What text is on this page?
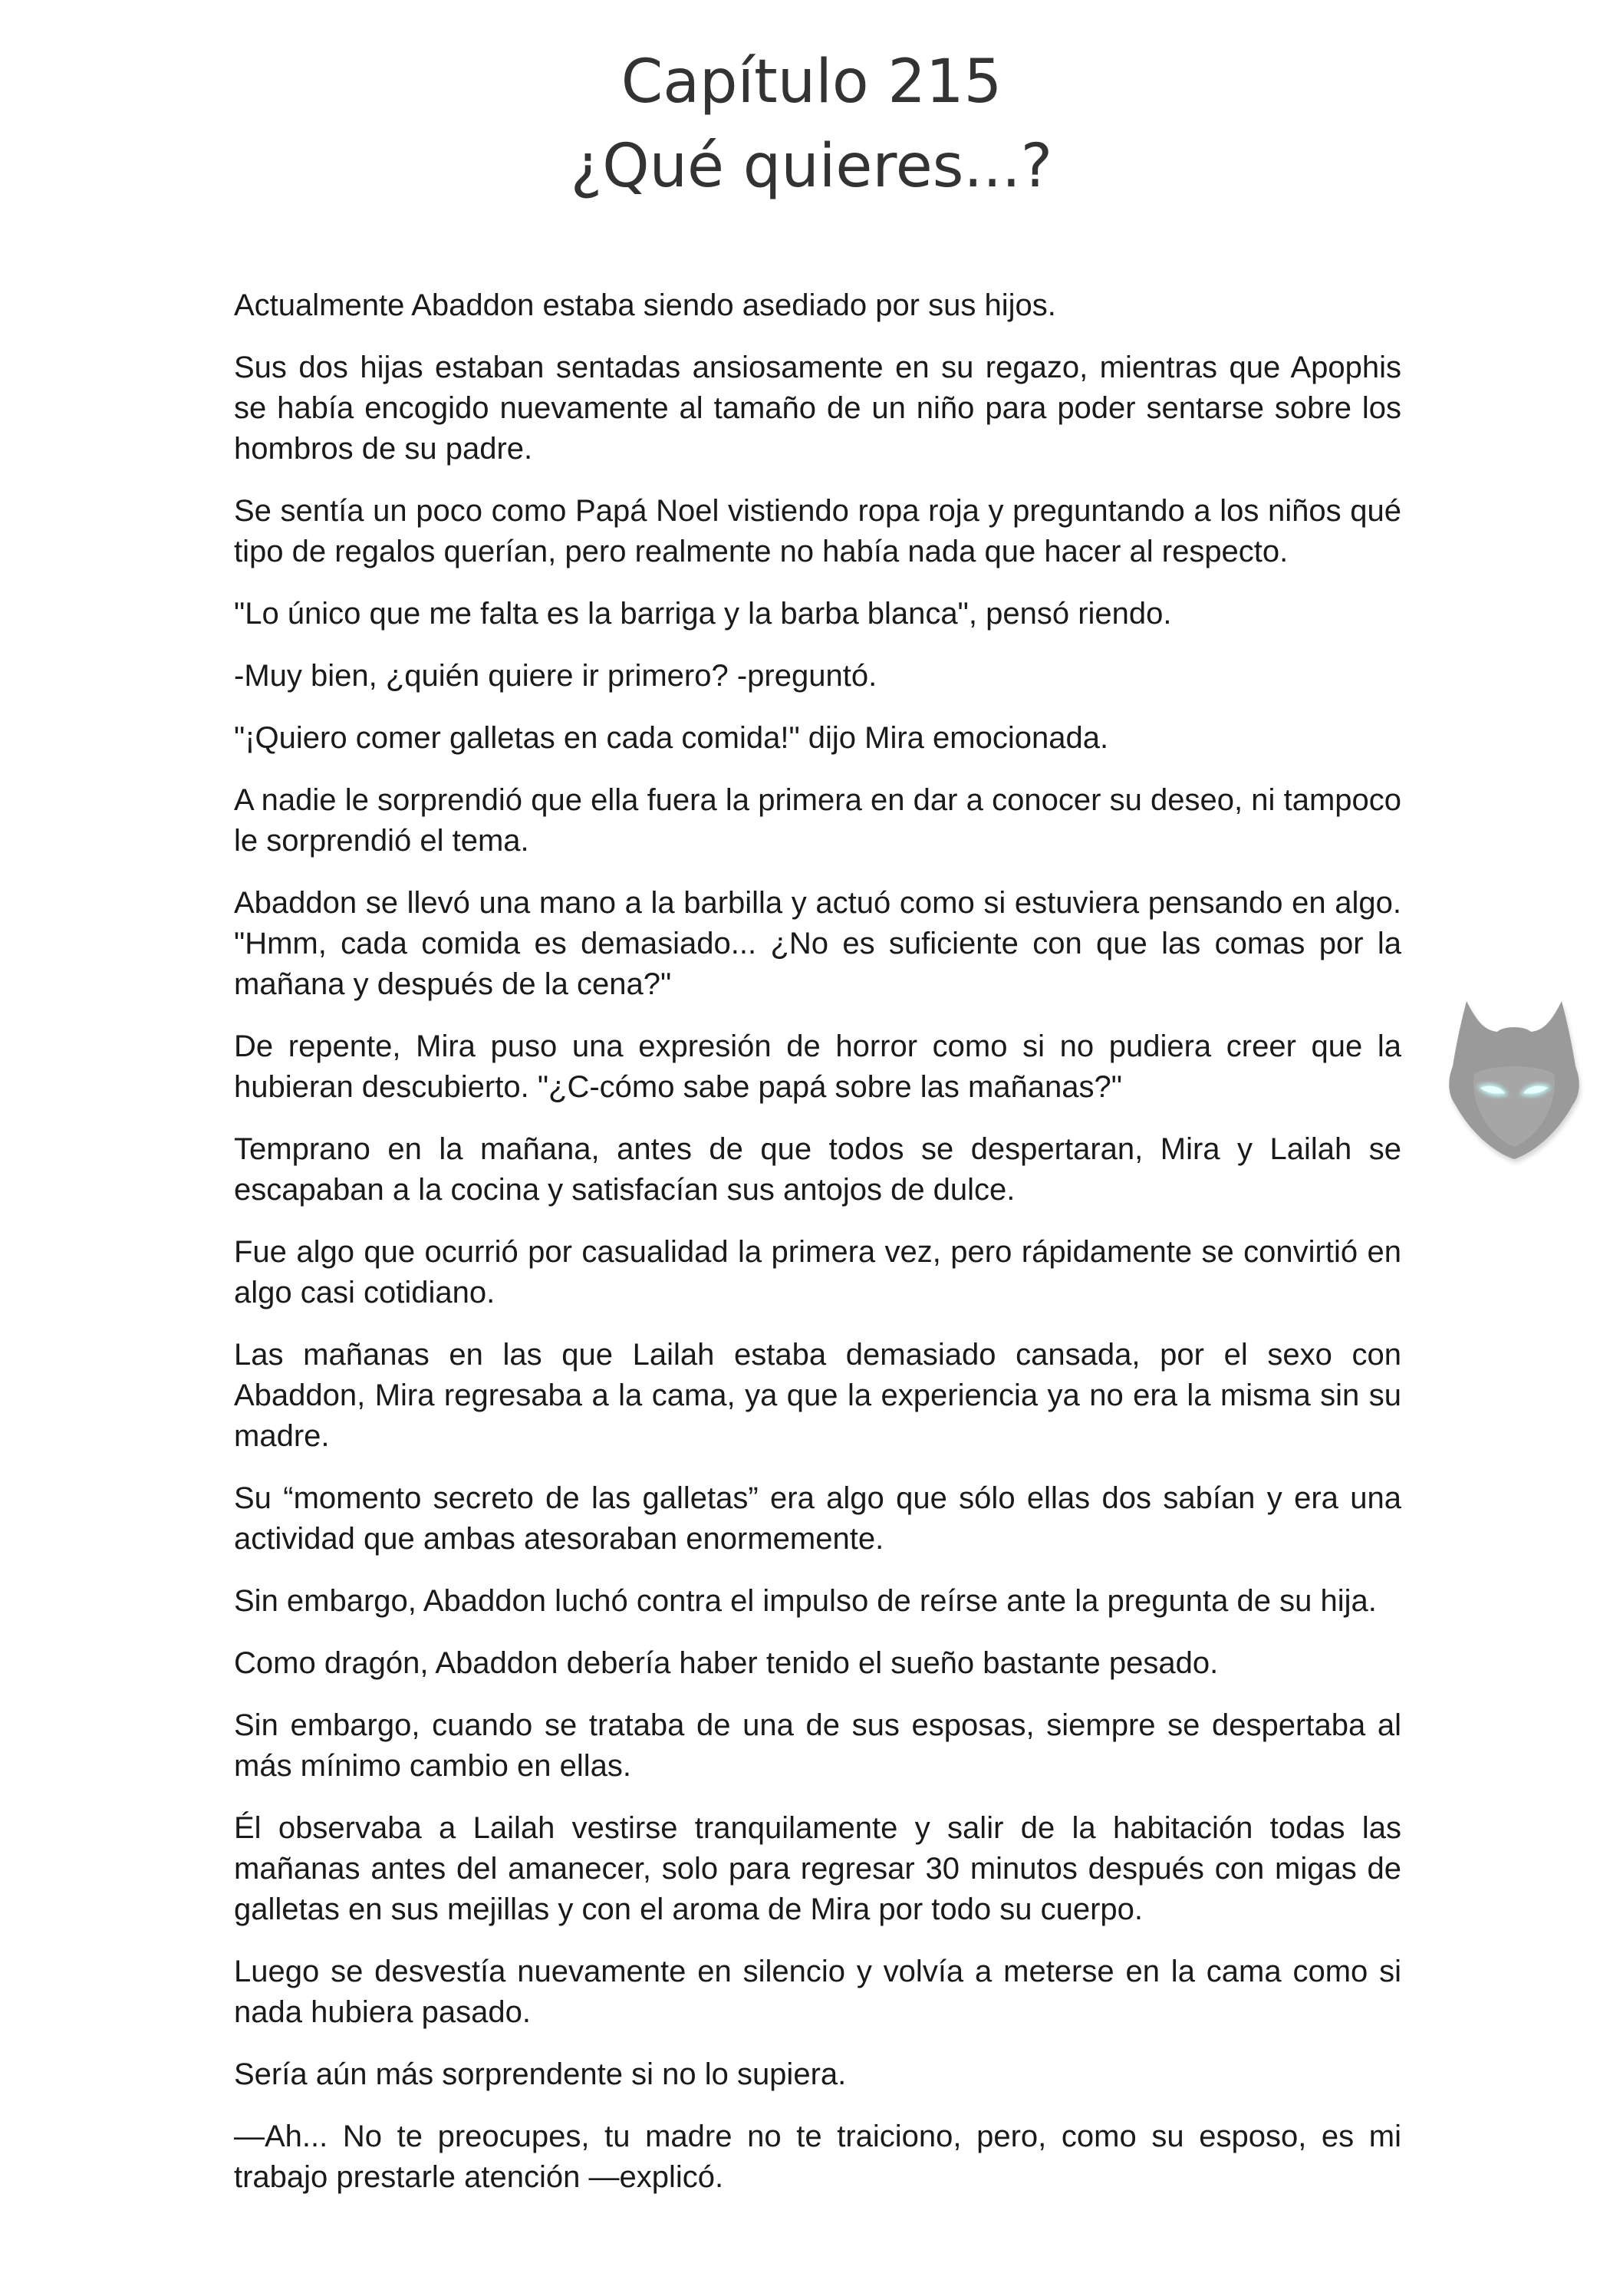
Capítulo 215
¿Qué quieres...?

Actualmente Abaddon estaba siendo asediado por sus hijos.

Sus dos hijas estaban sentadas ansiosamente en su regazo, mientras que Apophis se había encogido nuevamente al tamaño de un niño para poder sentarse sobre los hombros de su padre.

Se sentía un poco como Papá Noel vistiendo ropa roja y preguntando a los niños qué tipo de regalos querían, pero realmente no había nada que hacer al respecto.

"Lo único que me falta es la barriga y la barba blanca", pensó riendo.

-Muy bien, ¿quién quiere ir primero? -preguntó.

"¡Quiero comer galletas en cada comida!" dijo Mira emocionada.

A nadie le sorprendió que ella fuera la primera en dar a conocer su deseo, ni tampoco le sorprendió el tema.

Abaddon se llevó una mano a la barbilla y actuó como si estuviera pensando en algo. "Hmm, cada comida es demasiado... ¿No es suficiente con que las comas por la mañana y después de la cena?"

De repente, Mira puso una expresión de horror como si no pudiera creer que la hubieran descubierto. "¿C-cómo sabe papá sobre las mañanas?"

Temprano en la mañana, antes de que todos se despertaran, Mira y Lailah se escapaban a la cocina y satisfacían sus antojos de dulce.

Fue algo que ocurrió por casualidad la primera vez, pero rápidamente se convirtió en algo casi cotidiano.

Las mañanas en las que Lailah estaba demasiado cansada, por el sexo con Abaddon, Mira regresaba a la cama, ya que la experiencia ya no era la misma sin su madre.

Su “momento secreto de las galletas” era algo que sólo ellas dos sabían y era una actividad que ambas atesoraban enormemente.

Sin embargo, Abaddon luchó contra el impulso de reírse ante la pregunta de su hija.

Como dragón, Abaddon debería haber tenido el sueño bastante pesado.

Sin embargo, cuando se trataba de una de sus esposas, siempre se despertaba al más mínimo cambio en ellas.

Él observaba a Lailah vestirse tranquilamente y salir de la habitación todas las mañanas antes del amanecer, solo para regresar 30 minutos después con migas de galletas en sus mejillas y con el aroma de Mira por todo su cuerpo.

Luego se desvestía nuevamente en silencio y volvía a meterse en la cama como si nada hubiera pasado.

Sería aún más sorprendente si no lo supiera.

—Ah... No te preocupes, tu madre no te traiciono, pero, como su esposo, es mi trabajo prestarle atención —explicó.
